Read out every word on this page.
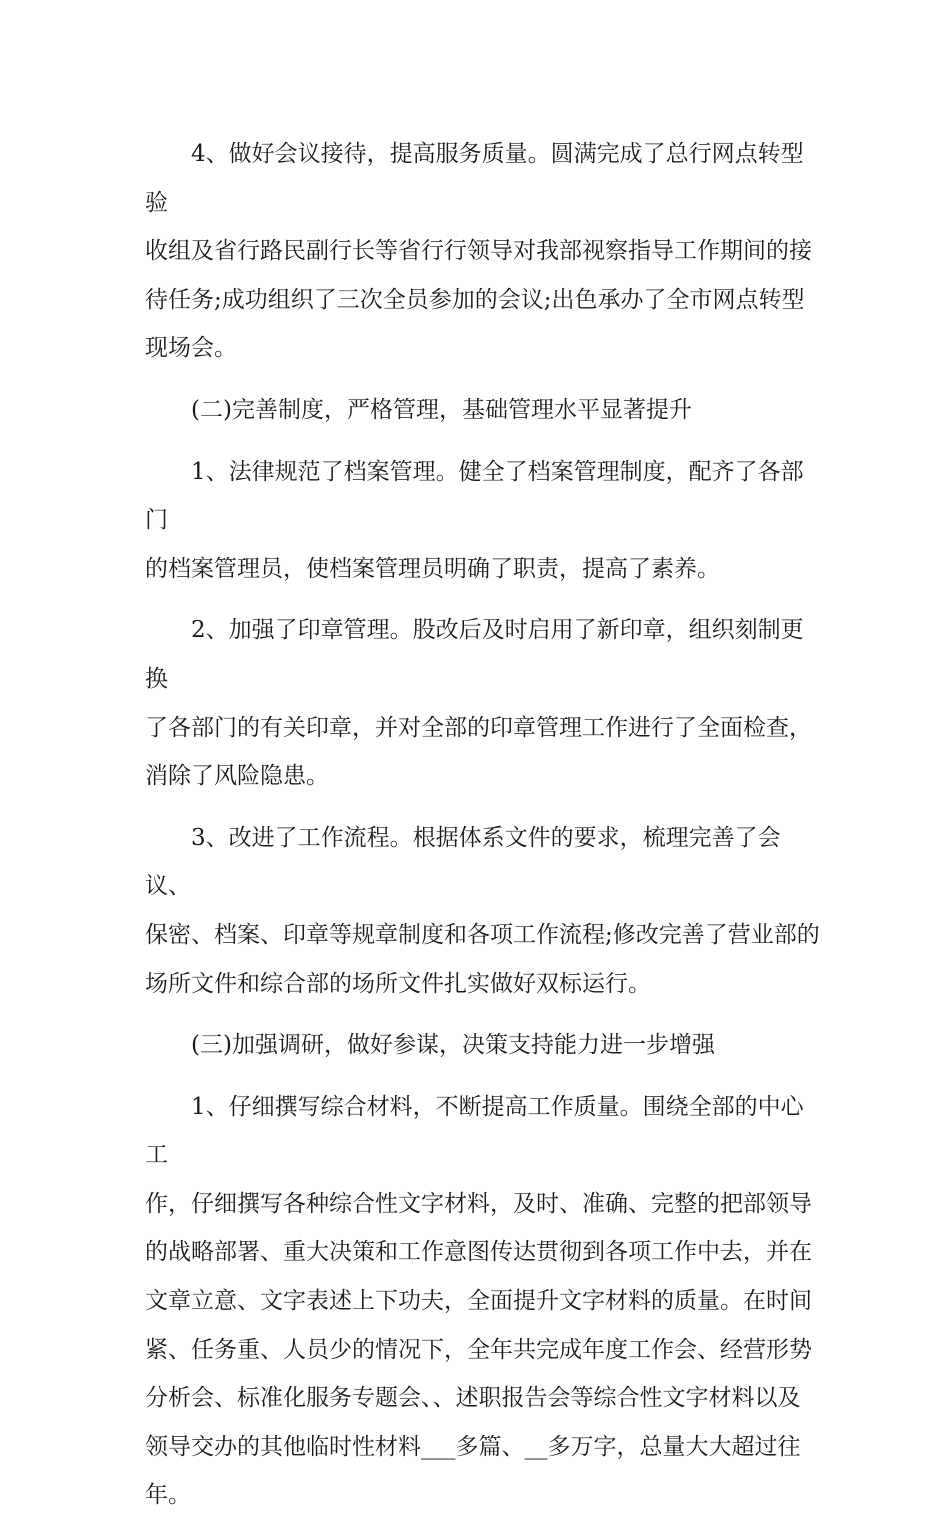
4、做好会议接待，提高服务质量。圆满完成了总行网点转型验
收组及省行路民副行长等省行行领导对我部视察指导工作期间的接
待任务;成功组织了三次全员参加的会议;出色承办了全市网点转型
现场会。

(二)完善制度，严格管理，基础管理水平显著提升

1、法律规范了档案管理。健全了档案管理制度，配齐了各部门
的档案管理员，使档案管理员明确了职责，提高了素养。

2、加强了印章管理。股改后及时启用了新印章，组织刻制更换
了各部门的有关印章，并对全部的印章管理工作进行了全面检查，
消除了风险隐患。

3、改进了工作流程。根据体系文件的要求，梳理完善了会议、
保密、档案、印章等规章制度和各项工作流程;修改完善了营业部的
场所文件和综合部的场所文件扎实做好双标运行。

(三)加强调研，做好参谋，决策支持能力进一步增强

1、仔细撰写综合材料，不断提高工作质量。围绕全部的中心工
作，仔细撰写各种综合性文字材料，及时、准确、完整的把部领导
的战略部署、重大决策和工作意图传达贯彻到各项工作中去，并在
文章立意、文字表述上下功夫，全面提升文字材料的质量。在时间
紧、任务重、人员少的情况下，全年共完成年度工作会、经营形势
分析会、标准化服务专题会、、述职报告会等综合性文字材料以及
领导交办的其他临时性材料___多篇、__多万字，总量大大超过往年。
